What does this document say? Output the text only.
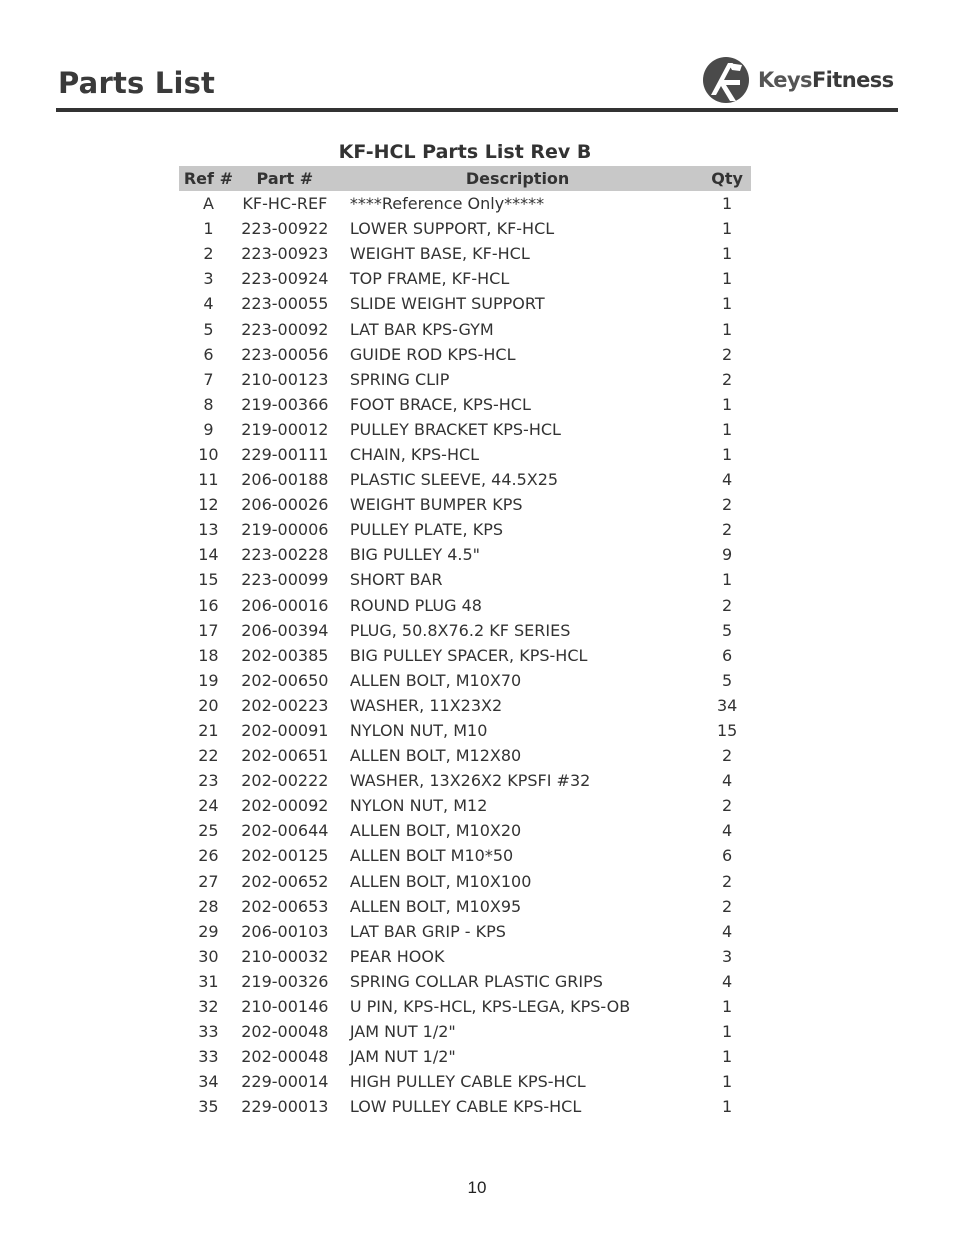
Parts List	KeysFitness
KF-HCL Parts List Rev B
Ref #	Part #	Description	Qty
A	KF-HC-REF	****Reference Only*****	1
1	223-00922	LOWER SUPPORT, KF-HCL	1
2	223-00923	WEIGHT BASE, KF-HCL	1
3	223-00924	TOP FRAME, KF-HCL	1
4	223-00055	SLIDE WEIGHT SUPPORT	1
5	223-00092	LAT BAR KPS-GYM	1
6	223-00056	GUIDE ROD KPS-HCL	2
7	210-00123	SPRING CLIP	2
8	219-00366	FOOT BRACE, KPS-HCL	1
9	219-00012	PULLEY BRACKET KPS-HCL	1
10	229-00111	CHAIN, KPS-HCL	1
11	206-00188	PLASTIC SLEEVE, 44.5X25	4
12	206-00026	WEIGHT BUMPER KPS	2
13	219-00006	PULLEY PLATE, KPS	2
14	223-00228	BIG PULLEY 4.5"	9
15	223-00099	SHORT BAR	1
16	206-00016	ROUND PLUG 48	2
17	206-00394	PLUG, 50.8X76.2 KF SERIES	5
18	202-00385	BIG PULLEY SPACER, KPS-HCL	6
19	202-00650	ALLEN BOLT, M10X70	5
20	202-00223	WASHER, 11X23X2	34
21	202-00091	NYLON NUT, M10	15
22	202-00651	ALLEN BOLT, M12X80	2
23	202-00222	WASHER, 13X26X2 KPSFI #32	4
24	202-00092	NYLON NUT, M12	2
25	202-00644	ALLEN BOLT, M10X20	4
26	202-00125	ALLEN BOLT M10*50	6
27	202-00652	ALLEN BOLT, M10X100	2
28	202-00653	ALLEN BOLT, M10X95	2
29	206-00103	LAT BAR GRIP - KPS	4
30	210-00032	PEAR HOOK	3
31	219-00326	SPRING COLLAR PLASTIC GRIPS	4
32	210-00146	U PIN, KPS-HCL, KPS-LEGA, KPS-OB	1
33	202-00048	JAM NUT 1/2"	1
33	202-00048	JAM NUT 1/2"	1
34	229-00014	HIGH PULLEY CABLE KPS-HCL	1
35	229-00013	LOW PULLEY CABLE KPS-HCL	1
10
